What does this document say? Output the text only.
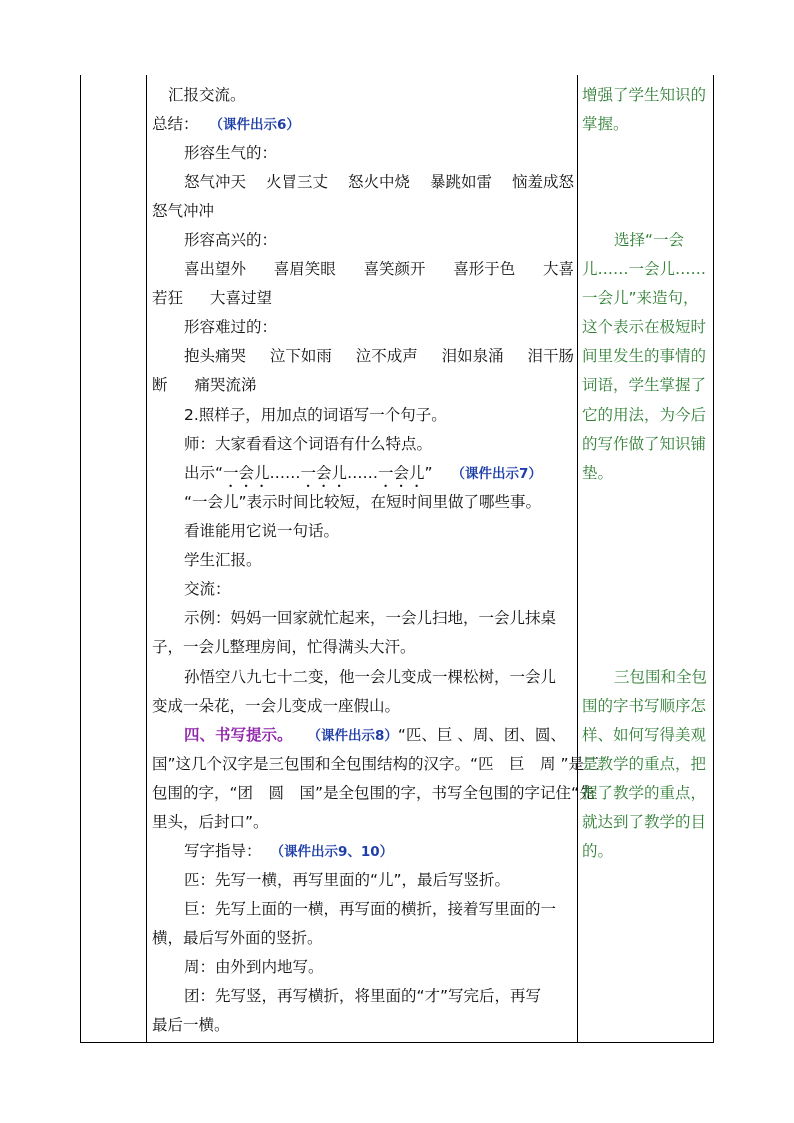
汇报交流。
总结： （课件出示6）
形容生气的：
怒气冲天 火冒三丈 怒火中烧 暴跳如雷 恼羞成怒
怒气冲冲
形容高兴的：
喜出望外 喜眉笑眼 喜笑颜开 喜形于色 大喜
若狂 大喜过望
形容难过的：
抱头痛哭 泣下如雨 泣不成声 泪如泉涌 泪干肠
断 痛哭流涕
2.照样子，用加点的词语写一个句子。
师：大家看看这个词语有什么特点。
出示“一会儿……一会儿……一会儿” （课件出示7）
“一会儿”表示时间比较短，在短时间里做了哪些事。
看谁能用它说一句话。
学生汇报。
交流：
示例：妈妈一回家就忙起来，一会儿扫地，一会儿抹桌
子，一会儿整理房间，忙得满头大汗。
孙悟空八九七十二变，他一会儿变成一棵松树，一会儿
变成一朵花，一会儿变成一座假山。
四、书写提示。 （课件出示8）“匹、巨 、周、团、圆、
国”这几个汉字是三包围和全包围结构的汉字。“匹　巨　周 ”是三
包围的字，“团　圆　国”是全包围的字，书写全包围的字记住“先
里头，后封口”。
写字指导： （课件出示9、10）
匹：先写一横，再写里面的“儿”，最后写竖折。
巨：先写上面的一横，再写面的横折，接着写里面的一
横，最后写外面的竖折。
周：由外到内地写。
团：先写竖，再写横折，将里面的“才”写完后，再写
最后一横。
增强了学生知识的
掌握。
选择“一会
儿……一会儿……
一会儿”来造句，
这个表示在极短时
间里发生的事情的
词语，学生掌握了
它的用法，为今后
的写作做了知识铺
垫。
三包围和全包
围的字书写顺序怎
样、如何写得美观
是教学的重点，把
握了教学的重点，
就达到了教学的目
的。
